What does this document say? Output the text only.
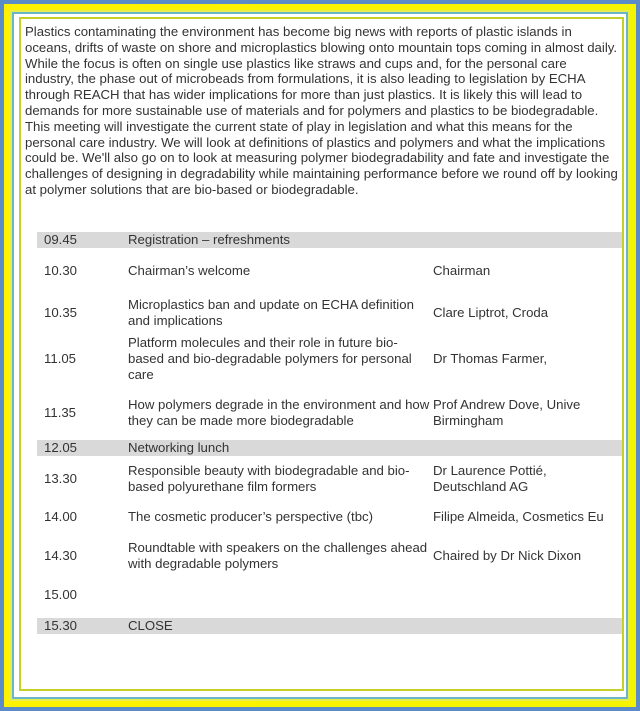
Plastics contaminating the environment has become big news with reports of plastic islands in oceans, drifts of waste on shore and microplastics blowing onto mountain tops coming in almost daily. While the focus is often on single use plastics like straws and cups and, for the personal care industry, the phase out of microbeads from formulations, it is also leading to legislation by ECHA through REACH that has wider implications for more than just plastics. It is likely this will lead to demands for more sustainable use of materials and for polymers and plastics to be biodegradable.

This meeting will investigate the current state of play in legislation and what this means for the personal care industry. We will look at definitions of plastics and polymers and what the implications could be. We'll also go on to look at measuring polymer biodegradability and fate and investigate the challenges of designing in degradability while maintaining performance before we round off by looking at polymer solutions that are bio-based or biodegradable.

09.45	Registration – refreshments	
10.30	Chairman’s welcome	Chairman
10.35	Microplastics ban and update on ECHA definition and implications	Clare Liptrot, Croda
11.05	Platform molecules and their role in future bio-based and bio-degradable polymers for personal care	Dr Thomas Farmer,
11.35	How polymers degrade in the environment and how they can be made more biodegradable	Prof Andrew Dove, Unive
Birmingham
12.05	Networking lunch	
13.30	Responsible beauty with biodegradable and bio-based polyurethane film formers	Dr Laurence Pottié,
Deutschland AG
14.00	The cosmetic producer’s perspective (tbc)	Filipe Almeida, Cosmetics Eu
14.30	Roundtable with speakers on the challenges ahead with degradable polymers	Chaired by Dr Nick Dixon
15.00		

15.30	CLOSE	
